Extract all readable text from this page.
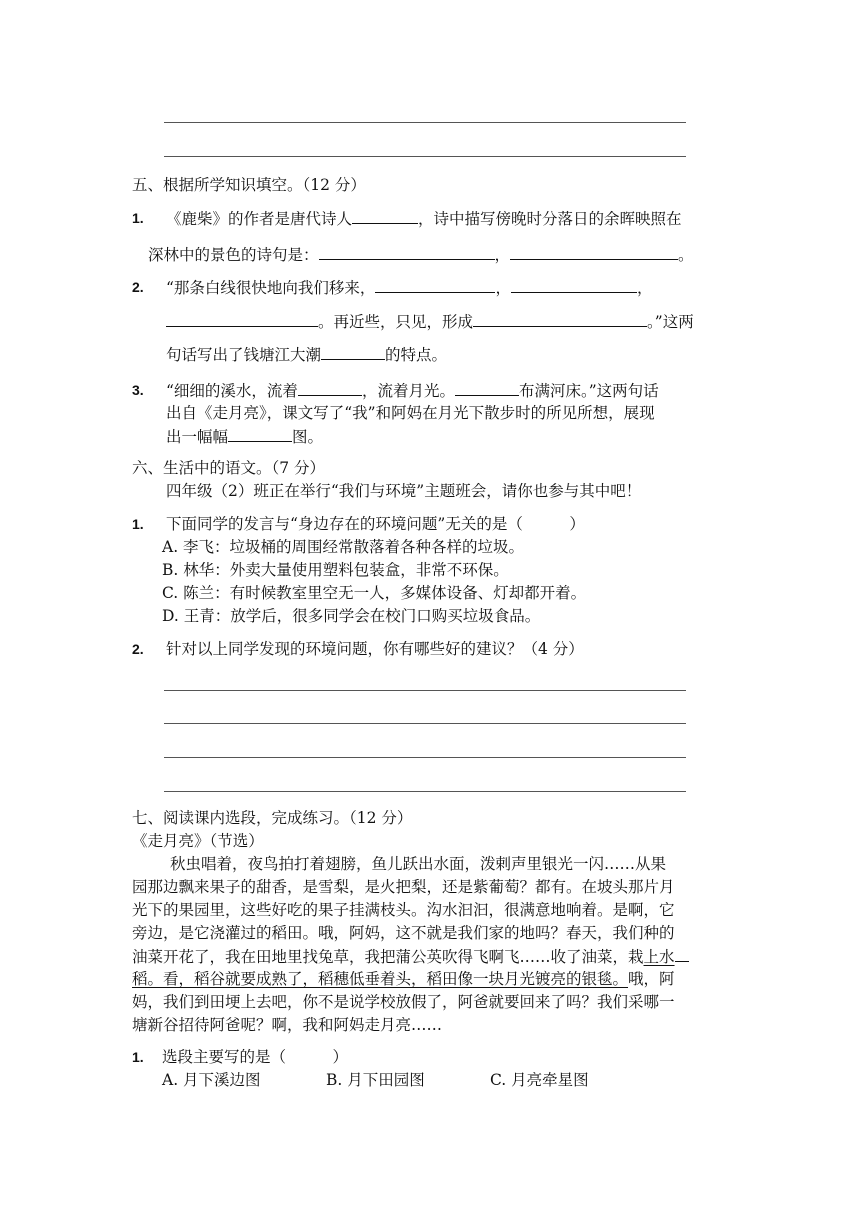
五、根据所学知识填空。（12 分）
1. 《鹿柴》的作者是唐代诗人	，诗中描写傍晚时分落日的余晖映照在
深林中的景色的诗句是：	，	。
2. “那条白线很快地向我们移来，	，	，
。再近些，只见，形成	。”这两
句话写出了钱塘江大潮	的特点。
3. “细细的溪水，流着	，流着月光。	布满河床。”这两句话
出自《走月亮》，课文写了“我”和阿妈在月光下散步时的所见所想，展现
出一幅幅	图。
六、生活中的语文。（7 分）
四年级（2）班正在举行“我们与环境”主题班会，请你也参与其中吧！
1. 下面同学的发言与“身边存在的环境问题”无关的是（　　　）
A. 李飞：垃圾桶的周围经常散落着各种各样的垃圾。
B. 林华：外卖大量使用塑料包装盒，非常不环保。
C. 陈兰：有时候教室里空无一人，多媒体设备、灯却都开着。
D. 王青：放学后，很多同学会在校门口购买垃圾食品。
2. 针对以上同学发现的环境问题，你有哪些好的建议？（4 分）
七、阅读课内选段，完成练习。（12 分）
《走月亮》（节选）
秋虫唱着，夜鸟拍打着翅膀，鱼儿跃出水面，泼剌声里银光一闪……从果
园那边飘来果子的甜香，是雪梨，是火把梨，还是紫葡萄？都有。在坡头那片月
光下的果园里，这些好吃的果子挂满枝头。沟水汩汩，很满意地响着。是啊，它
旁边，是它浇灌过的稻田。哦，阿妈，这不就是我们家的地吗？春天，我们种的
油菜开花了，我在田地里找兔草，我把蒲公英吹得飞啊飞……收了油菜，栽上水
稻。看，稻谷就要成熟了，稻穗低垂着头，稻田像一块月光镀亮的银毯。哦，阿
妈，我们到田埂上去吧，你不是说学校放假了，阿爸就要回来了吗？我们采哪一
塘新谷招待阿爸呢？啊，我和阿妈走月亮……
1. 选段主要写的是（　　　）
A. 月下溪边图	B. 月下田园图	C. 月亮牵星图
